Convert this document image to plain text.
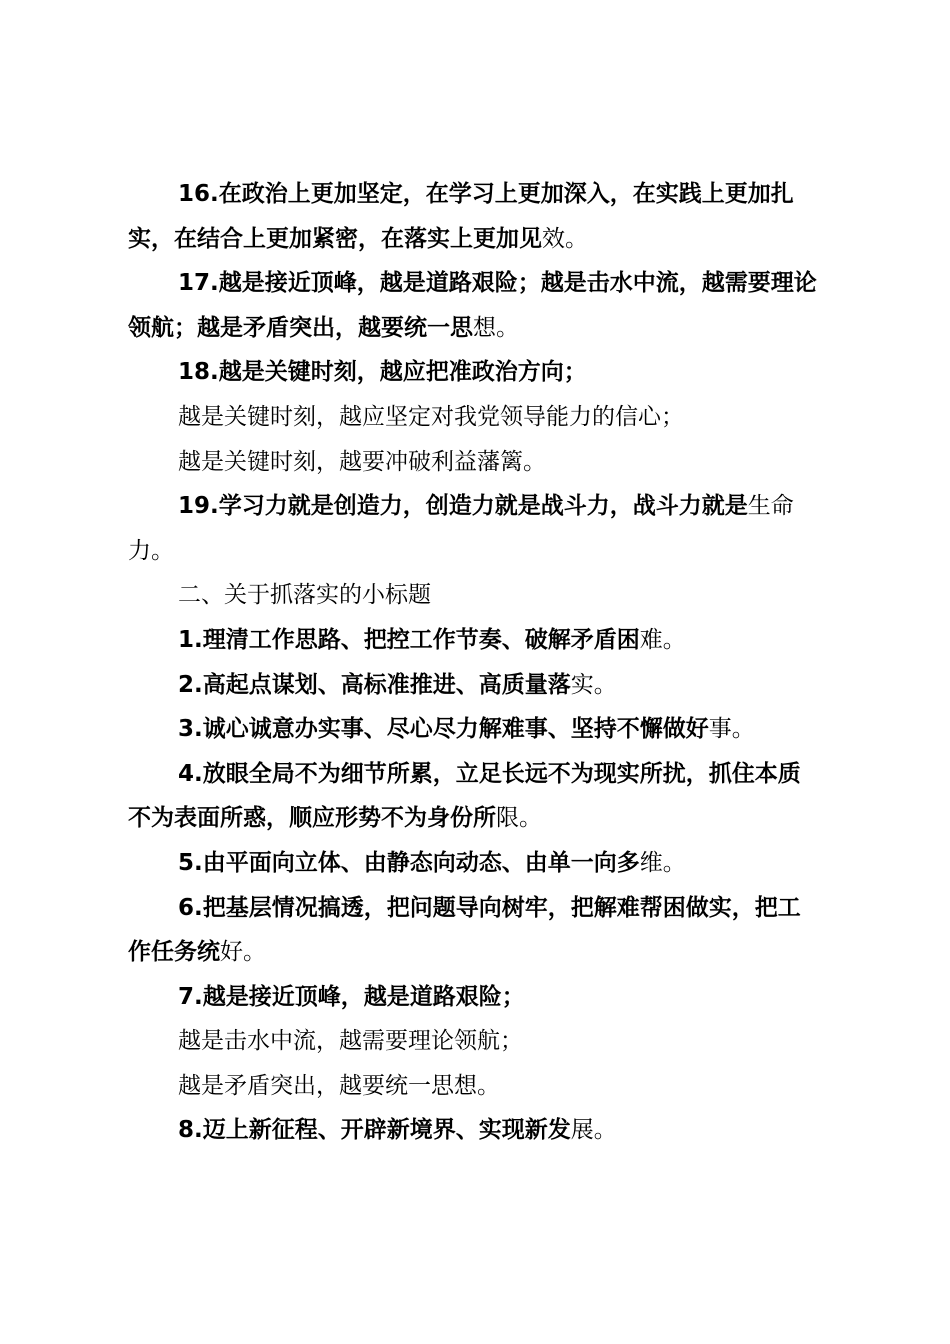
16.在政治上更加坚定，在学习上更加深入，在实践上更加扎实，在结合上更加紧密，在落实上更加见效。

17.越是接近顶峰，越是道路艰险；越是击水中流，越需要理论领航；越是矛盾突出，越要统一思想。

18.越是关键时刻，越应把准政治方向；

越是关键时刻，越应坚定对我党领导能力的信心；

越是关键时刻，越要冲破利益藩篱。

19.学习力就是创造力，创造力就是战斗力，战斗力就是生命力。

二、关于抓落实的小标题

1.理清工作思路、把控工作节奏、破解矛盾困难。

2.高起点谋划、高标准推进、高质量落实。

3.诚心诚意办实事、尽心尽力解难事、坚持不懈做好事。

4.放眼全局不为细节所累，立足长远不为现实所扰，抓住本质不为表面所惑，顺应形势不为身份所限。

5.由平面向立体、由静态向动态、由单一向多维。

6.把基层情况搞透，把问题导向树牢，把解难帮困做实，把工作任务统好。

7.越是接近顶峰，越是道路艰险；

越是击水中流，越需要理论领航；

越是矛盾突出，越要统一思想。

8.迈上新征程、开辟新境界、实现新发展。
